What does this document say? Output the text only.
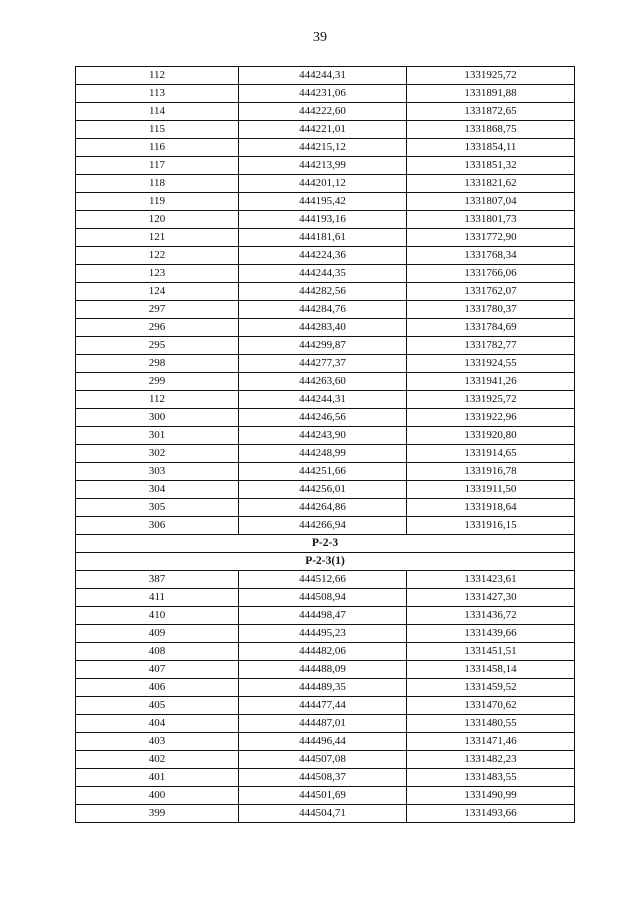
39
112	444244,31	1331925,72
113	444231,06	1331891,88
114	444222,60	1331872,65
115	444221,01	1331868,75
116	444215,12	1331854,11
117	444213,99	1331851,32
118	444201,12	1331821,62
119	444195,42	1331807,04
120	444193,16	1331801,73
121	444181,61	1331772,90
122	444224,36	1331768,34
123	444244,35	1331766,06
124	444282,56	1331762,07
297	444284,76	1331780,37
296	444283,40	1331784,69
295	444299,87	1331782,77
298	444277,37	1331924,55
299	444263,60	1331941,26
112	444244,31	1331925,72
300	444246,56	1331922,96
301	444243,90	1331920,80
302	444248,99	1331914,65
303	444251,66	1331916,78
304	444256,01	1331911,50
305	444264,86	1331918,64
306	444266,94	1331916,15
Р-2-3		
Р-2-3(1)		
387	444512,66	1331423,61
411	444508,94	1331427,30
410	444498,47	1331436,72
409	444495,23	1331439,66
408	444482,06	1331451,51
407	444488,09	1331458,14
406	444489,35	1331459,52
405	444477,44	1331470,62
404	444487,01	1331480,55
403	444496,44	1331471,46
402	444507,08	1331482,23
401	444508,37	1331483,55
400	444501,69	1331490,99
399	444504,71	1331493,66
